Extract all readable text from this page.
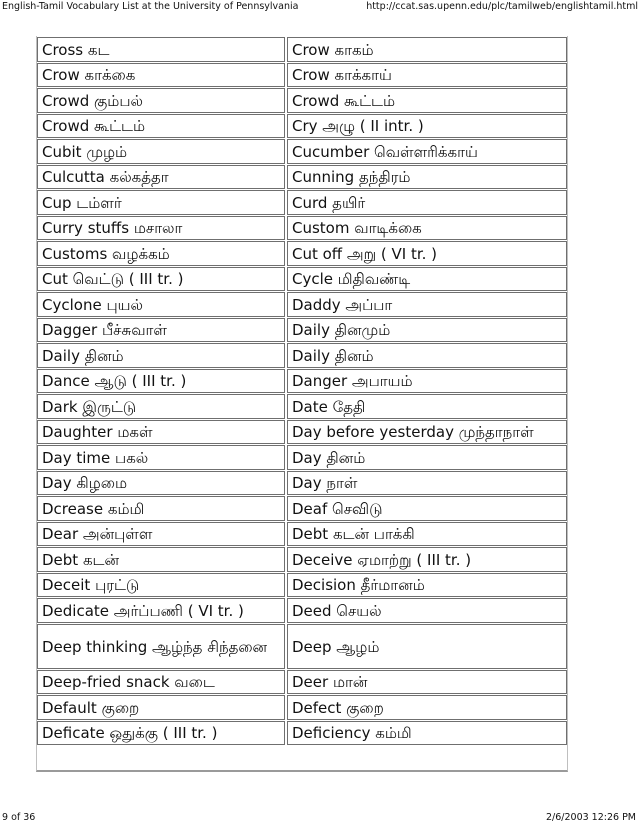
English-Tamil Vocabulary List at the University of Pennsylvania	http://ccat.sas.upenn.edu/plc/tamilweb/englishtamil.html
Cross கட	Crow காகம்
Crow காக்கை	Crow காக்காய்
Crowd கும்பல்	Crowd கூட்டம்
Crowd கூட்டம்	Cry அழு ( II intr. )
Cubit முழம்	Cucumber வெள்ளரிக்காய்
Culcutta கல்கத்தா	Cunning தந்திரம்
Cup டம்ளர்	Curd தயிர்
Curry stuffs மசாலா	Custom வாடிக்கை
Customs வழக்கம்	Cut off அறு ( VI tr. )
Cut வெட்டு ( III tr. )	Cycle மிதிவண்டி
Cyclone புயல்	Daddy அப்பா
Dagger பீச்சுவாள்	Daily தினமும்
Daily தினம்	Daily தினம்
Dance ஆடு ( III tr. )	Danger அபாயம்
Dark இருட்டு	Date தேதி
Daughter மகள்	Day before yesterday முந்தாநாள்
Day time பகல்	Day தினம்
Day கிழமை	Day நாள்
Dcrease கம்மி	Deaf செவிடு
Dear அன்புள்ள	Debt கடன் பாக்கி
Debt கடன்	Deceive ஏமாற்று ( III tr. )
Deceit புரட்டு	Decision தீர்மானம்
Dedicate அர்ப்பணி ( VI tr. )	Deed செயல்
Deep thinking ஆழ்ந்த சிந்தனை	Deep ஆழம்
Deep-fried snack வடை	Deer மான்
Default குறை	Defect குறை
Deficate ஒதுக்கு ( III tr. )	Deficiency கம்மி
9 of 36	2/6/2003 12:26 PM
